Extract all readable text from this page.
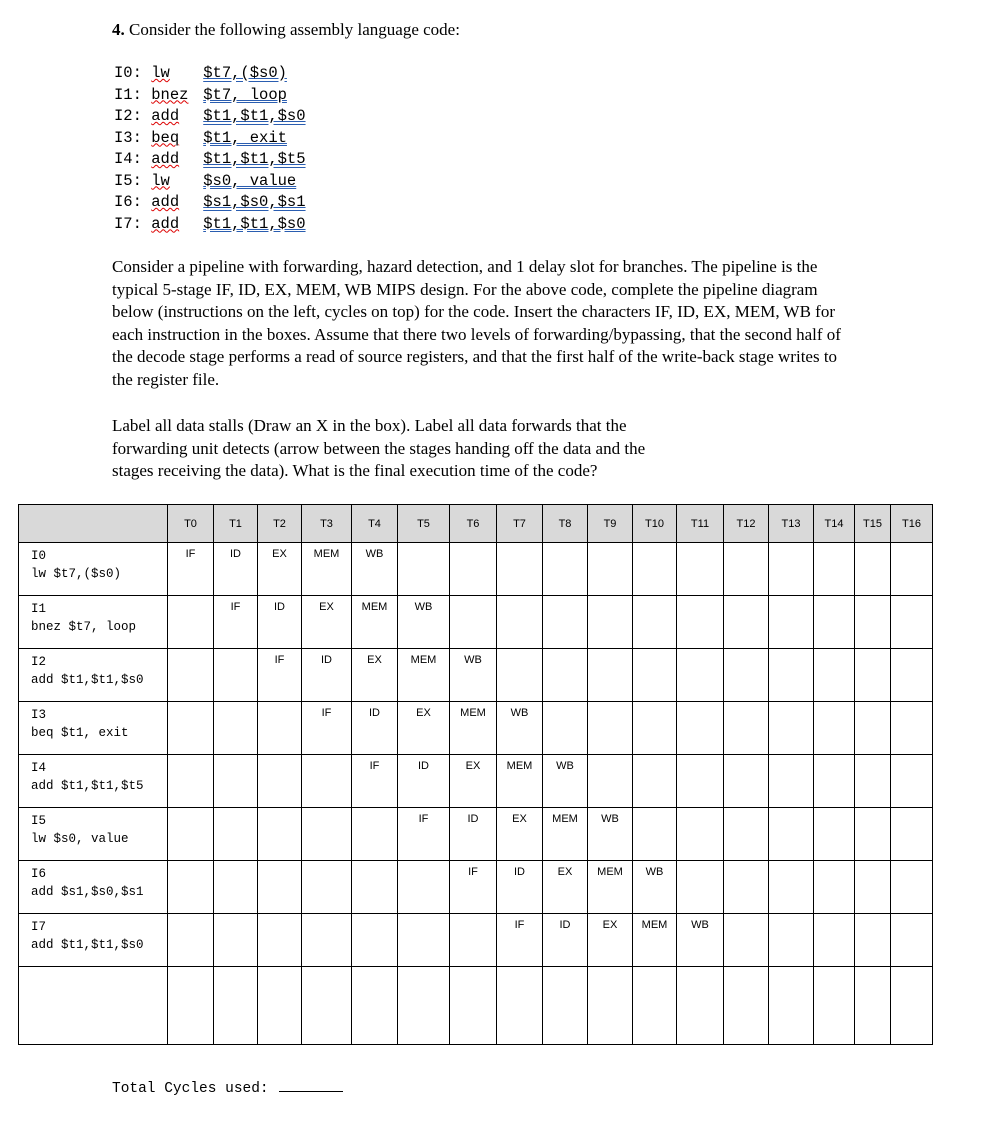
4. Consider the following assembly language code:
I0: lw $t7,($s0)
I1: bnez $t7, loop
I2: add $t1,$t1,$s0
I3: beq $t1, exit
I4: add $t1,$t1,$t5
I5: lw $s0, value
I6: add $s1,$s0,$s1
I7: add $t1,$t1,$s0

Consider a pipeline with forwarding, hazard detection, and 1 delay slot for branches. The pipeline is the typical 5-stage IF, ID, EX, MEM, WB MIPS design. For the above code, complete the pipeline diagram below (instructions on the left, cycles on top) for the code. Insert the characters IF, ID, EX, MEM, WB for each instruction in the boxes. Assume that there two levels of forwarding/bypassing, that the second half of the decode stage performs a read of source registers, and that the first half of the write-back stage writes to the register file.

Label all data stalls (Draw an X in the box). Label all data forwards that the forwarding unit detects (arrow between the stages handing off the data and the stages receiving the data). What is the final execution time of the code?

	T0	T1	T2	T3	T4	T5	T6	T7	T8	T9	T10	T11	T12	T13	T14	T15	T16

I0
lw $t7,($s0)	IF	ID	EX	MEM	WB												

I1
bnez $t7, loop		IF	ID	EX	MEM	WB											

I2
add $t1,$t1,$s0			IF	ID	EX	MEM	WB										

I3
beq $t1, exit				IF	ID	EX	MEM	WB									

I4
add $t1,$t1,$t5					IF	ID	EX	MEM	WB								

I5
lw $s0, value						IF	ID	EX	MEM	WB							

I6
add $s1,$s0,$s1							IF	ID	EX	MEM	WB						

I7
add $t1,$t1,$s0								IF	ID	EX	MEM	WB					

Total Cycles used:
